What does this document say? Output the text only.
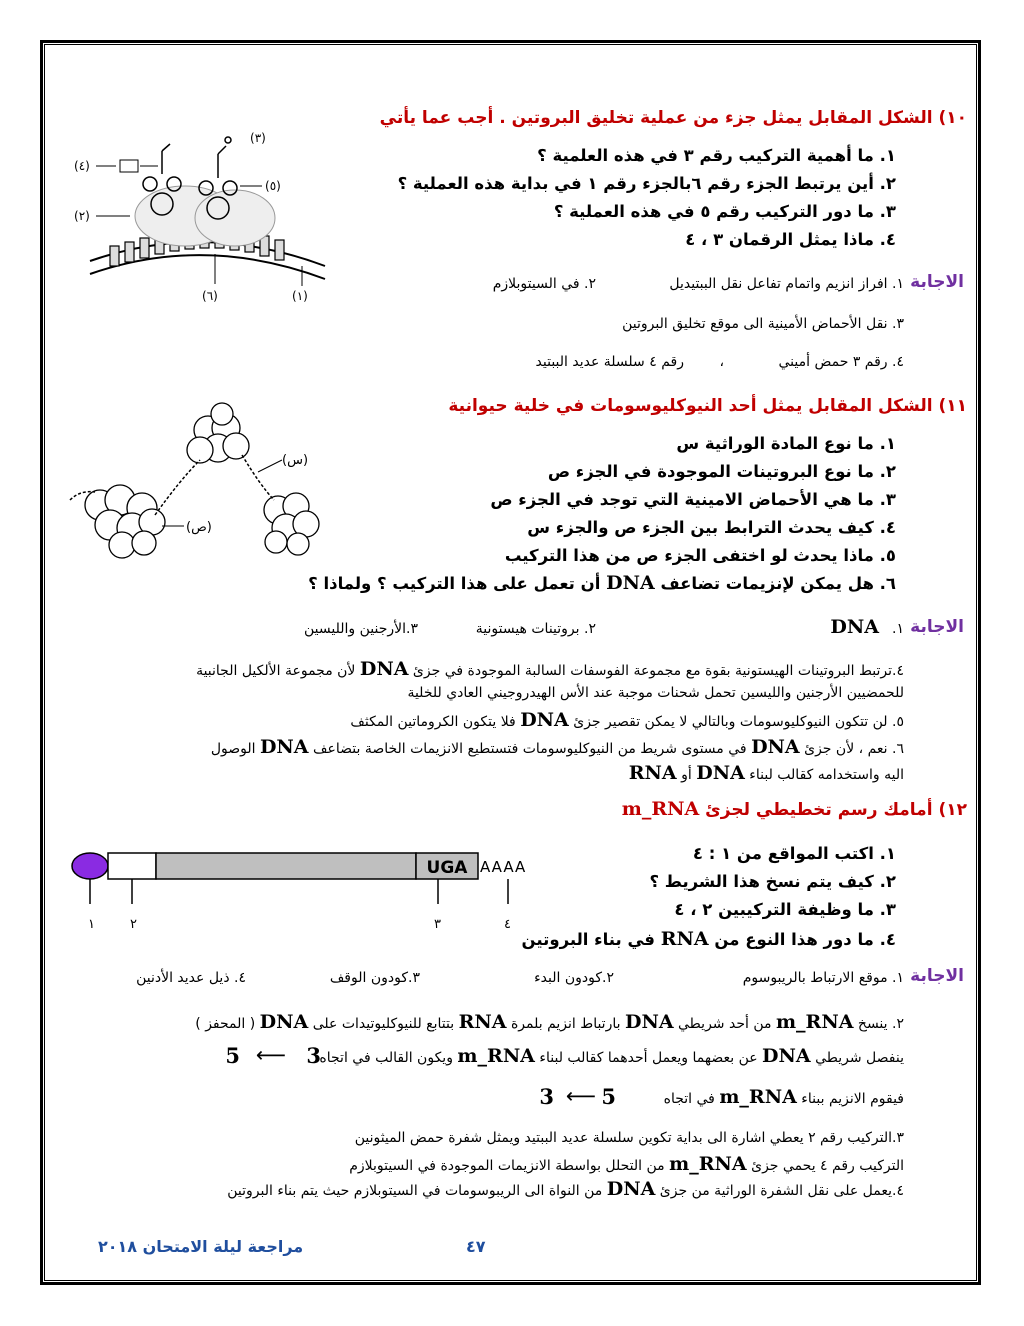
١٠) الشكل المقابل يمثل جزء من عملية تخليق البروتين . أجب عما يأتي
١. ما أهمية التركيب رقم ٣ في هذه العلمية ؟
٢. أين يرتبط الجزء رقم ٦بالجزء رقم ١ في بداية هذه العملية ؟
٣. ما دور التركيب رقم ٥ في هذه العملية ؟
٤. ماذا يمثل الرقمان ٣ ، ٤
(٣)
(٤)
(٥)
(٢)
(٦)	(١)
الاجابة
١. افراز انزيم واتمام تفاعل نقل الببتيديل
٢. في السيتوبلازم
٣. نقل الأحماض الأمينية الى موقع تخليق البروتين
٤. رقم ٣ حمض أميني
،
رقم ٤ سلسلة عديد الببتيد
١١) الشكل المقابل يمثل أحد النيوكليوسومات في خلية حيوانية
١. ما نوع المادة الوراثية س
٢. ما نوع البروتينات الموجودة في الجزء ص
٣. ما هي الأحماض الامينية التي توجد في الجزء ص
٤. كيف يحدث الترابط بين الجزء ص والجزء س
٥. ماذا يحدث لو اختفى الجزء ص من هذا التركيب
٦. هل يمكن لإنزيمات تضاعف DNA أن تعمل على هذا التركيب ؟ ولماذا ؟
(س)
(ص)
الاجابة
١.
DNA
٢. بروتينات هيستونية
٣.الأرجنين والليسين
٤.ترتبط البروتينات الهيستونية بقوة مع مجموعة الفوسفات السالبة الموجودة في جزئ DNA لأن مجموعة الألكيل الجانبية
للحمضيين الأرجنين والليسين تحمل شحنات موجبة عند الأس الهيدروجيني العادي للخلية
٥. لن تتكون النيوكليوسومات وبالتالي لا يمكن تقصير جزئ DNA فلا يتكون الكروماتين المكثف
٦. نعم ، لأن جزئ DNA في مستوى شريط من النيوكليوسومات فتستطيع الانزيمات الخاصة بتضاعف DNA الوصول
اليه واستخدامه كقالب لبناء DNA أو RNA
١٢) أمامك رسم تخطيطي لجزئ m_RNA
١. اكتب المواقع من ١ : ٤
٢. كيف يتم نسخ هذا الشريط ؟
٣. ما وظيفة التركيبين ٢ ، ٤
٤. ما دور هذا النوع من RNA في بناء البروتين
UGA AAAA
١	٢	٣	٤
الاجابة
١. موقع الارتباط بالريبوسوم
٢.كودون البدء
٣.كودون الوقف
٤. ذيل عديد الأدنين
٢. ينسخ m_RNA من أحد شريطي DNA بارتباط انزيم بلمرة RNA بتتابع للنيوكليوتيدات على DNA ( المحفز )
ينفصل شريطي DNA عن بعضهما ويعمل أحدهما كقالب لبناء m_RNA ويكون القالب في اتجاه
3
⟵
5
فيقوم الانزيم ببناء m_RNA في اتجاه
5
⟵
3
٣.التركيب رقم ٢ يعطي اشارة الى بداية تكوين سلسلة عديد الببتيد ويمثل شفرة حمض الميثونين
التركيب رقم ٤ يحمي جزئ m_RNA من التحلل بواسطة الانزيمات الموجودة في السيتوبلازم
٤.يعمل على نقل الشفرة الوراثية من جزئ DNA من النواة الى الريبوسومات في السيتوبلازم حيث يتم بناء البروتين
٤٧
مراجعة ليلة الامتحان ٢٠١٨
